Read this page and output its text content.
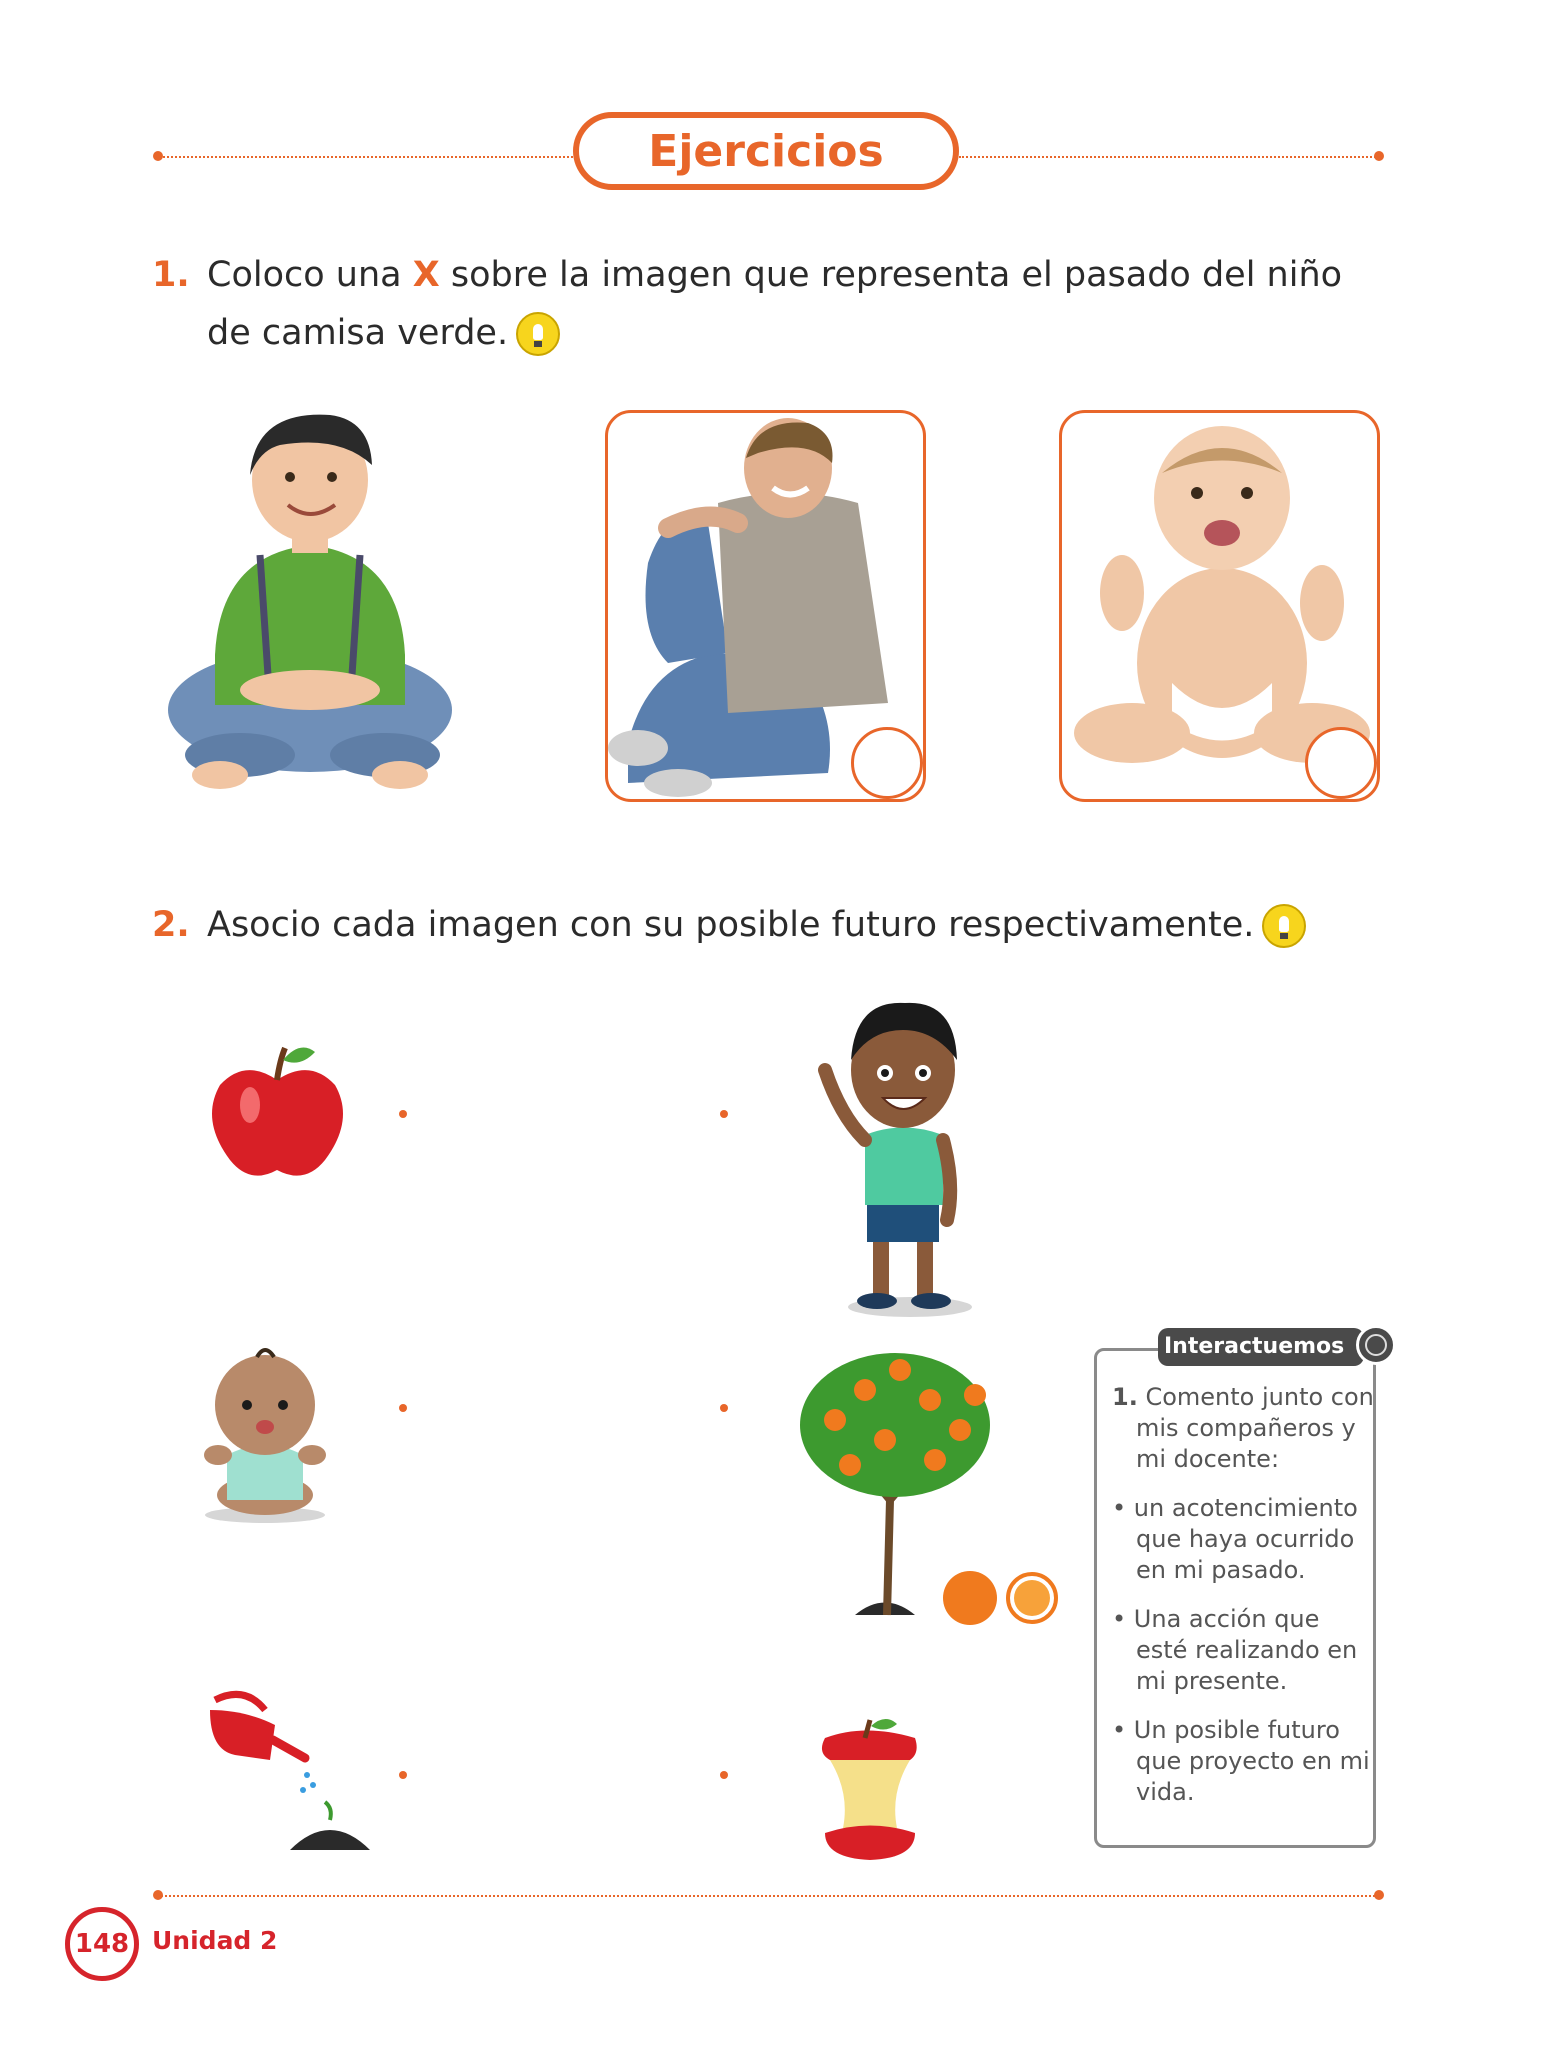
Ejercicios
1. Coloco una X sobre la imagen que representa el pasado del niño
de camisa verde.
2. Asocio cada imagen con su posible futuro respectivamente.
Interactuemos
1. Comento junto con
mis compañeros y
mi docente:
• un acotencimiento
que haya ocurrido
en mi pasado.
• Una acción que
esté realizando en
mi presente.
• Un posible futuro
que proyecto en mi
vida.
148 Unidad 2
